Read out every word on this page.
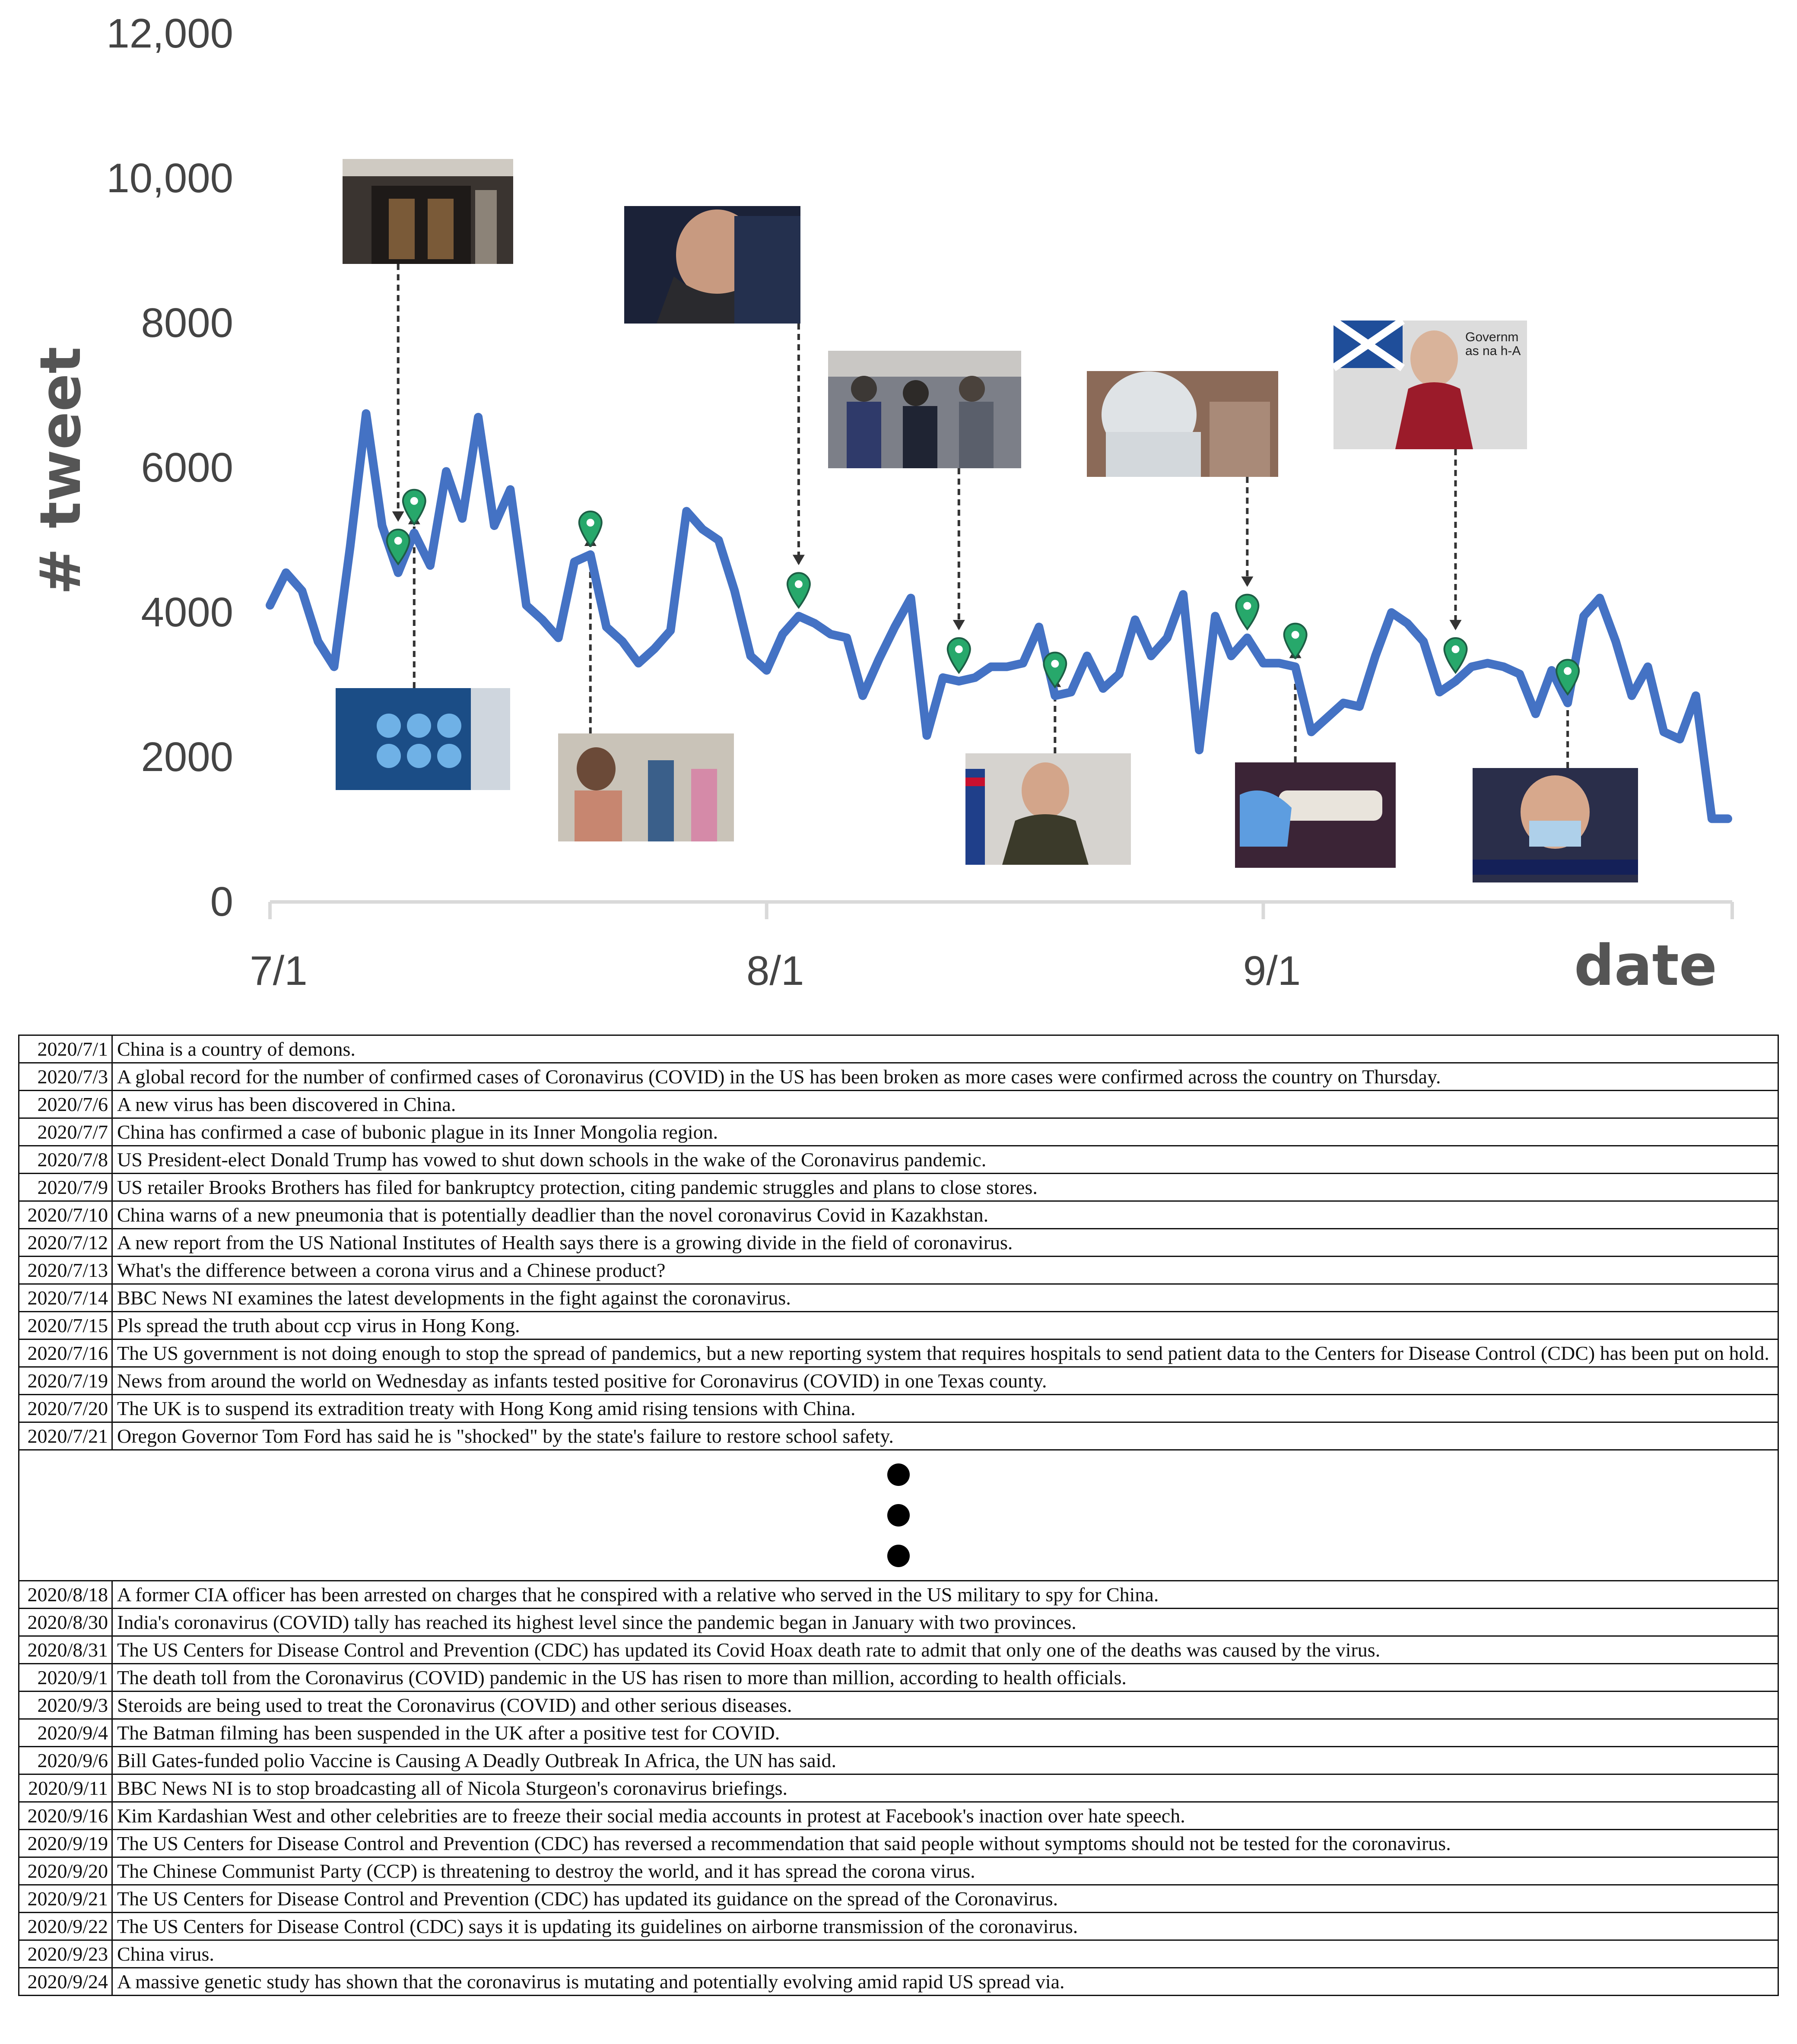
0
2000
4000
6000
8000
10,000
12,000
7/1	8/1	9/1
# tweet
date
Governm
as na h-A
2020/7/1	China is a country of demons.
2020/7/3	A global record for the number of confirmed cases of Coronavirus (COVID) in the US has been broken as more cases were confirmed across the country on Thursday.
2020/7/6	A new virus has been discovered in China.
2020/7/7	China has confirmed a case of bubonic plague in its Inner Mongolia region.
2020/7/8	US President-elect Donald Trump has vowed to shut down schools in the wake of the Coronavirus pandemic.
2020/7/9	US retailer Brooks Brothers has filed for bankruptcy protection, citing pandemic struggles and plans to close stores.
2020/7/10	China warns of a new pneumonia that is potentially deadlier than the novel coronavirus Covid in Kazakhstan.
2020/7/12	A new report from the US National Institutes of Health says there is a growing divide in the field of coronavirus.
2020/7/13	What's the difference between a corona virus and a Chinese product?
2020/7/14	BBC News NI examines the latest developments in the fight against the coronavirus.
2020/7/15	Pls spread the truth about ccp virus in Hong Kong.
2020/7/16	The US government is not doing enough to stop the spread of pandemics, but a new reporting system that requires hospitals to send patient data to the Centers for Disease Control (CDC) has been put on hold.
2020/7/19	News from around the world on Wednesday as infants tested positive for Coronavirus (COVID) in one Texas county.
2020/7/20	The UK is to suspend its extradition treaty with Hong Kong amid rising tensions with China.
2020/7/21	Oregon Governor Tom Ford has said he is "shocked" by the state's failure to restore school safety.

2020/8/18	A former CIA officer has been arrested on charges that he conspired with a relative who served in the US military to spy for China.
2020/8/30	India's coronavirus (COVID) tally has reached its highest level since the pandemic began in January with two provinces.
2020/8/31	The US Centers for Disease Control and Prevention (CDC) has updated its Covid Hoax death rate to admit that only one of the deaths was caused by the virus.
2020/9/1	The death toll from the Coronavirus (COVID) pandemic in the US has risen to more than million, according to health officials.
2020/9/3	Steroids are being used to treat the Coronavirus (COVID) and other serious diseases.
2020/9/4	The Batman filming has been suspended in the UK after a positive test for COVID.
2020/9/6	Bill Gates-funded polio Vaccine is Causing A Deadly Outbreak In Africa, the UN has said.
2020/9/11	BBC News NI is to stop broadcasting all of Nicola Sturgeon's coronavirus briefings.
2020/9/16	Kim Kardashian West and other celebrities are to freeze their social media accounts in protest at Facebook's inaction over hate speech.
2020/9/19	The US Centers for Disease Control and Prevention (CDC) has reversed a recommendation that said people without symptoms should not be tested for the coronavirus.
2020/9/20	The Chinese Communist Party (CCP) is threatening to destroy the world, and it has spread the corona virus.
2020/9/21	The US Centers for Disease Control and Prevention (CDC) has updated its guidance on the spread of the Coronavirus.
2020/9/22	The US Centers for Disease Control (CDC) says it is updating its guidelines on airborne transmission of the coronavirus.
2020/9/23	China virus.
2020/9/24	A massive genetic study has shown that the coronavirus is mutating and potentially evolving amid rapid US spread via.
